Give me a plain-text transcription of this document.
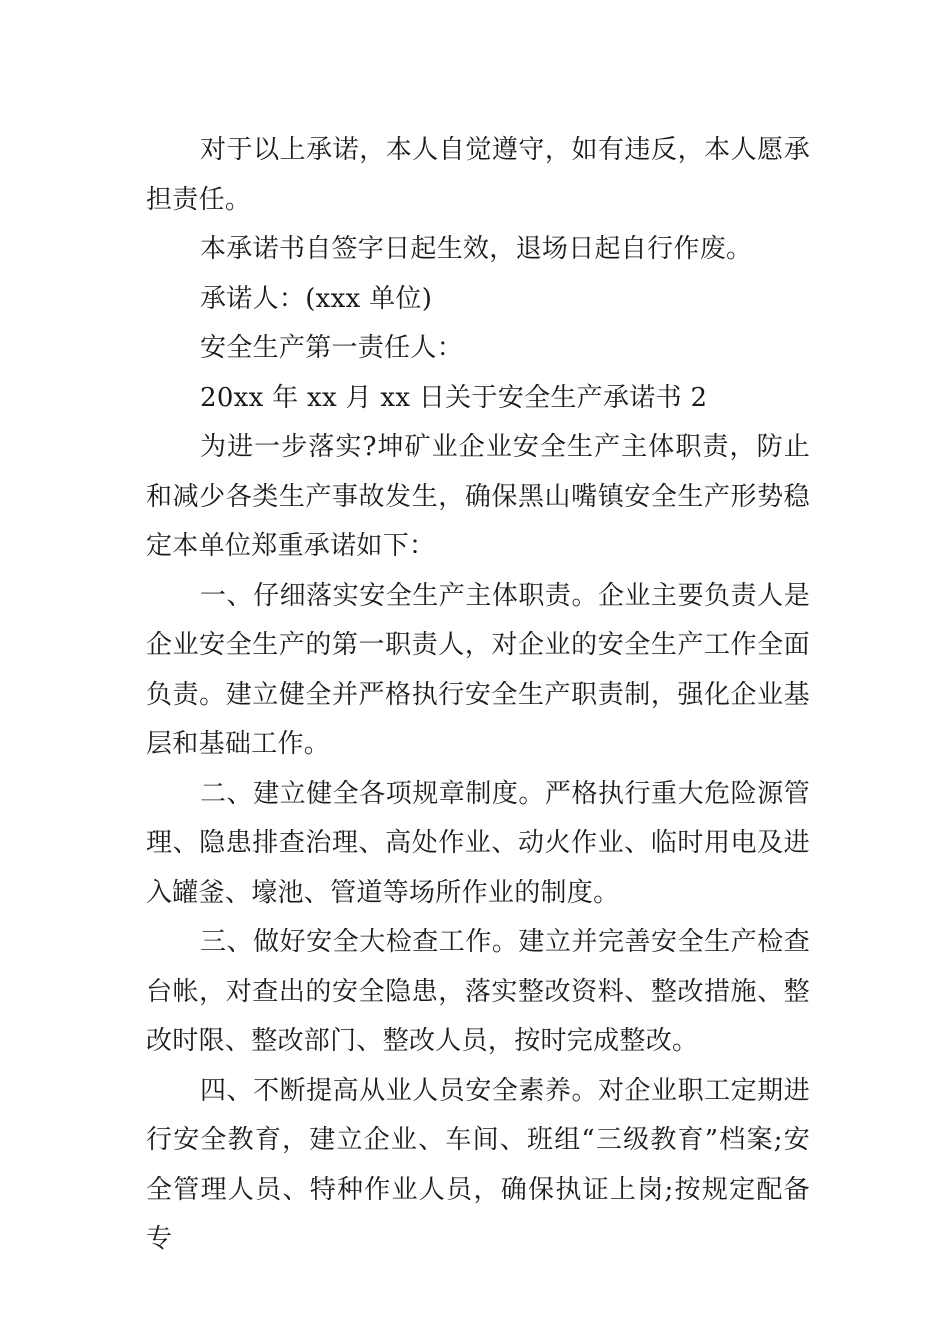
对于以上承诺，本人自觉遵守，如有违反，本人愿承担责任。

本承诺书自签字日起生效，退场日起自行作废。

承诺人：(xxx 单位)

安全生产第一责任人：

20xx 年 xx 月 xx 日关于安全生产承诺书 2

为进一步落实?坤矿业企业安全生产主体职责，防止和减少各类生产事故发生，确保黑山嘴镇安全生产形势稳定本单位郑重承诺如下：

一、仔细落实安全生产主体职责。企业主要负责人是企业安全生产的第一职责人，对企业的安全生产工作全面负责。建立健全并严格执行安全生产职责制，强化企业基层和基础工作。

二、建立健全各项规章制度。严格执行重大危险源管理、隐患排查治理、高处作业、动火作业、临时用电及进入罐釜、壕池、管道等场所作业的制度。

三、做好安全大检查工作。建立并完善安全生产检查台帐，对查出的安全隐患，落实整改资料、整改措施、整改时限、整改部门、整改人员，按时完成整改。

四、不断提高从业人员安全素养。对企业职工定期进行安全教育，建立企业、车间、班组“三级教育”档案;安全管理人员、特种作业人员，确保执证上岗;按规定配备专
